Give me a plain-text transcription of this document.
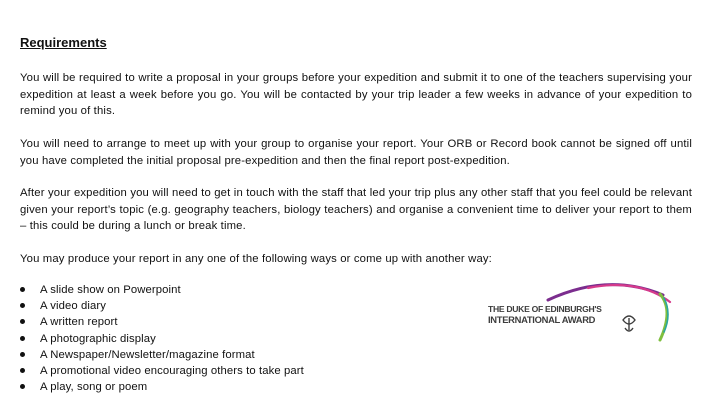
Requirements

You will be required to write a proposal in your groups before your expedition and submit it to one of the teachers supervising your expedition at least a week before you go. You will be contacted by your trip leader a few weeks in advance of your expedition to remind you of this.

You will need to arrange to meet up with your group to organise your report. Your ORB or Record book cannot be signed off until you have completed the initial proposal pre-expedition and then the final report post-expedition.

After your expedition you will need to get in touch with the staff that led your trip plus any other staff that you feel could be relevant given your report’s topic (e.g. geography teachers, biology teachers) and organise a convenient time to deliver your report to them – this could be during a lunch or break time.

You may produce your report in any one of the following ways or come up with another way:

A slide show on Powerpoint
A video diary
A written report
A photographic display
A Newspaper/Newsletter/magazine format
A promotional video encouraging others to take part
A play, song or poem
THE DUKE OF EDINBURGH'S
INTERNATIONAL AWARD
